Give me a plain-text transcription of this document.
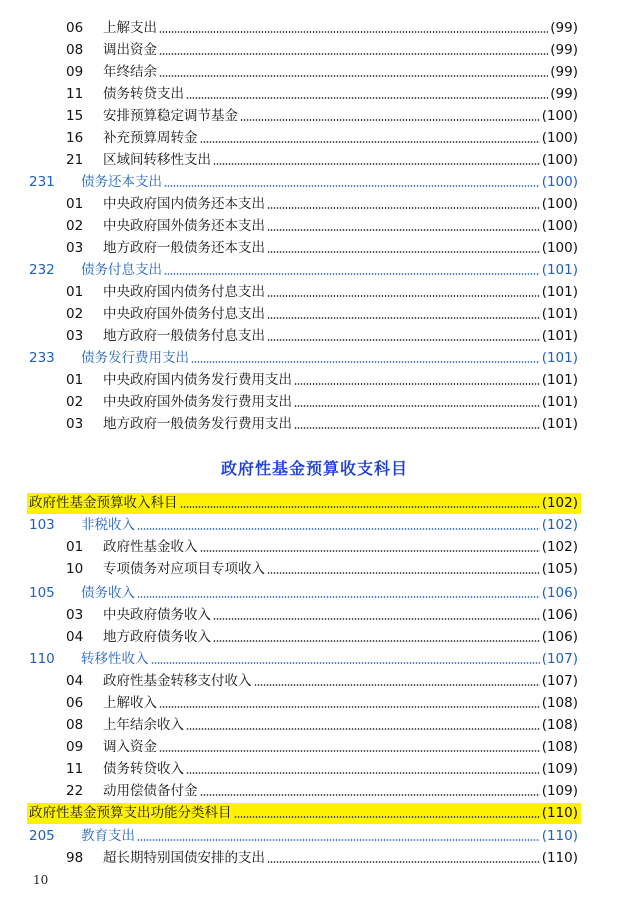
06 上解支出	(99)
08 调出资金	(99)
09 年终结余	(99)
11 债务转贷支出	(99)
15 安排预算稳定调节基金	(100)
16 补充预算周转金	(100)
21 区域间转移性支出	(100)
231 债务还本支出	(100)
01 中央政府国内债务还本支出	(100)
02 中央政府国外债务还本支出	(100)
03 地方政府一般债务还本支出	(100)
232 债务付息支出	(101)
01 中央政府国内债务付息支出	(101)
02 中央政府国外债务付息支出	(101)
03 地方政府一般债务付息支出	(101)
233 债务发行费用支出	(101)
01 中央政府国内债务发行费用支出	(101)
02 中央政府国外债务发行费用支出	(101)
03 地方政府一般债务发行费用支出	(101)
政府性基金预算收入科目	(102)
103 非税收入	(102)
01 政府性基金收入	(102)
10 专项债务对应项目专项收入	(105)
105 债务收入	(106)
03 中央政府债务收入	(106)
04 地方政府债务收入	(106)
110 转移性收入	(107)
04 政府性基金转移支付收入	(107)
06 上解收入	(108)
08 上年结余收入	(108)
09 调入资金	(108)
11 债务转贷收入	(109)
22 动用偿债备付金	(109)
政府性基金预算支出功能分类科目	(110)
205 教育支出	(110)
98 超长期特别国债安排的支出	(110)
政府性基金预算收支科目
10
